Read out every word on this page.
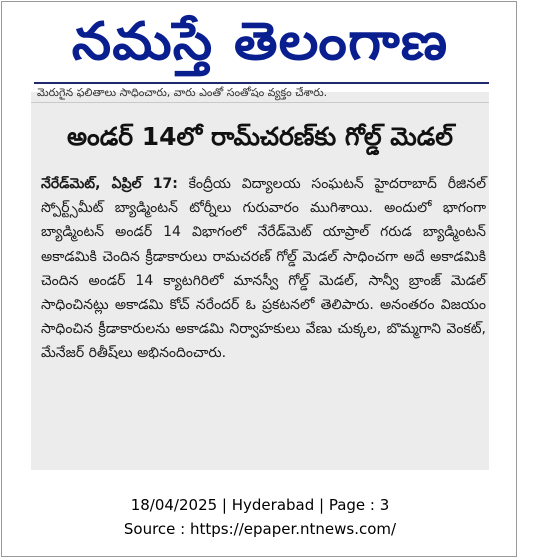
నమస్తే తెలంగాణ
మెరుగైన ఫలితాలు సాధించారు, వారు ఎంతో సంతోషం వ్యక్తం చేశారు.
అండర్ 14లో రామ్‌చరణ్‌కు గోల్డ్ మెడల్
నేరేడ్‌మెట్, ఏప్రిల్ 17: కేంద్రీయ విద్యాలయ సంఘటన్ హైదరాబాద్ రీజినల్ స్పోర్ట్స్‌మీట్ బ్యాడ్మింటన్ టోర్నీలు గురువారం ముగిశాయి. అందులో భాగంగా బ్యాడ్మింటన్ అండర్ 14 విభాగంలో నేరేడ్‌మెట్ యాప్రాల్ గరుడ బ్యాడ్మింటన్ అకాడమికి చెందిన క్రీడాకారులు రామచరణ్ గోల్డ్ మెడల్ సాధించగా అదే అకాడమికి చెందిన అండర్ 14 క్యాటగిరిలో మానస్వీ గోల్డ్ మెడల్, సాన్వీ బ్రాంజ్ మెడల్ సాధించినట్లు అకాడమి కోచ్ నరేందర్ ఓ ప్రకటనలో తెలిపారు. అనంతరం విజయం సాధించిన క్రీడాకారులను అకాడమి నిర్వాహకులు వేణు చుక్కల, బొమ్మగాని వెంకట్, మేనేజర్ రితీష్‌లు అభినందించారు.
18/04/2025 | Hyderabad | Page : 3
Source : https://epaper.ntnews.com/
